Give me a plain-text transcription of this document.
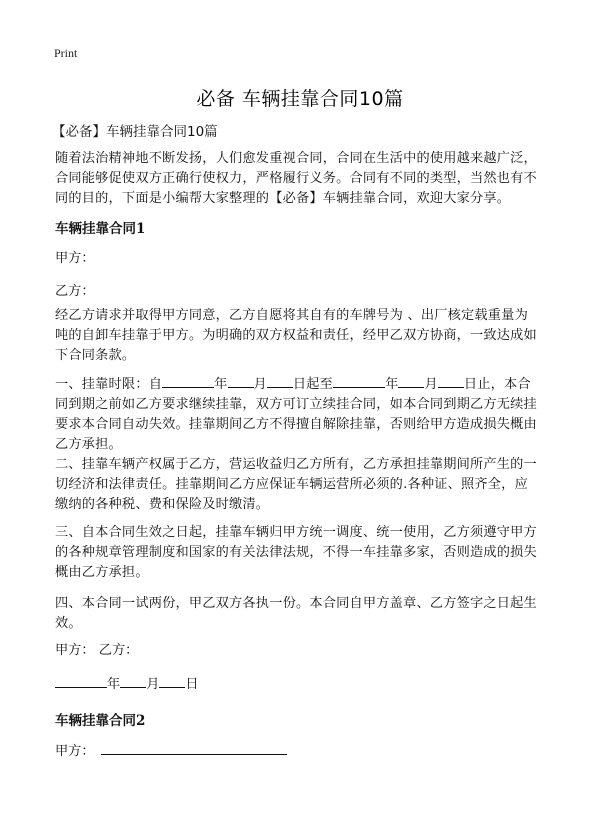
Print
必备 车辆挂靠合同10篇
【必备】车辆挂靠合同10篇
随着法治精神地不断发扬，人们愈发重视合同，合同在生活中的使用越来越广泛，
合同能够促使双方正确行使权力，严格履行义务。合同有不同的类型，当然也有不
同的目的，下面是小编帮大家整理的【必备】车辆挂靠合同，欢迎大家分享。
车辆挂靠合同1
甲方：
乙方：
经乙方请求并取得甲方同意，乙方自愿将其自有的车牌号为 、出厂核定载重量为
吨的自卸车挂靠于甲方。为明确的双方权益和责任，经甲乙双方协商，一致达成如
下合同条款。
一、挂靠时限：自	年 月 日起至	年 月 日止，本合
同到期之前如乙方要求继续挂靠，双方可订立续挂合同，如本合同到期乙方无续挂
要求本合同自动失效。挂靠期间乙方不得擅自解除挂靠，否则给甲方造成损失概由
乙方承担。
二、挂靠车辆产权属于乙方，营运收益归乙方所有，乙方承担挂靠期间所产生的一
切经济和法律责任。挂靠期间乙方应保证车辆运营所必须的.各种证、照齐全，应
缴纳的各种税、费和保险及时缴清。
三、自本合同生效之日起，挂靠车辆归甲方统一调度、统一使用，乙方须遵守甲方
的各种规章管理制度和国家的有关法律法规，不得一车挂靠多家，否则造成的损失
概由乙方承担。
四、本合同一试两份，甲乙双方各执一份。本合同自甲方盖章、乙方签字之日起生
效。
甲方： 乙方：
年 月 日
车辆挂靠合同2
甲方：
